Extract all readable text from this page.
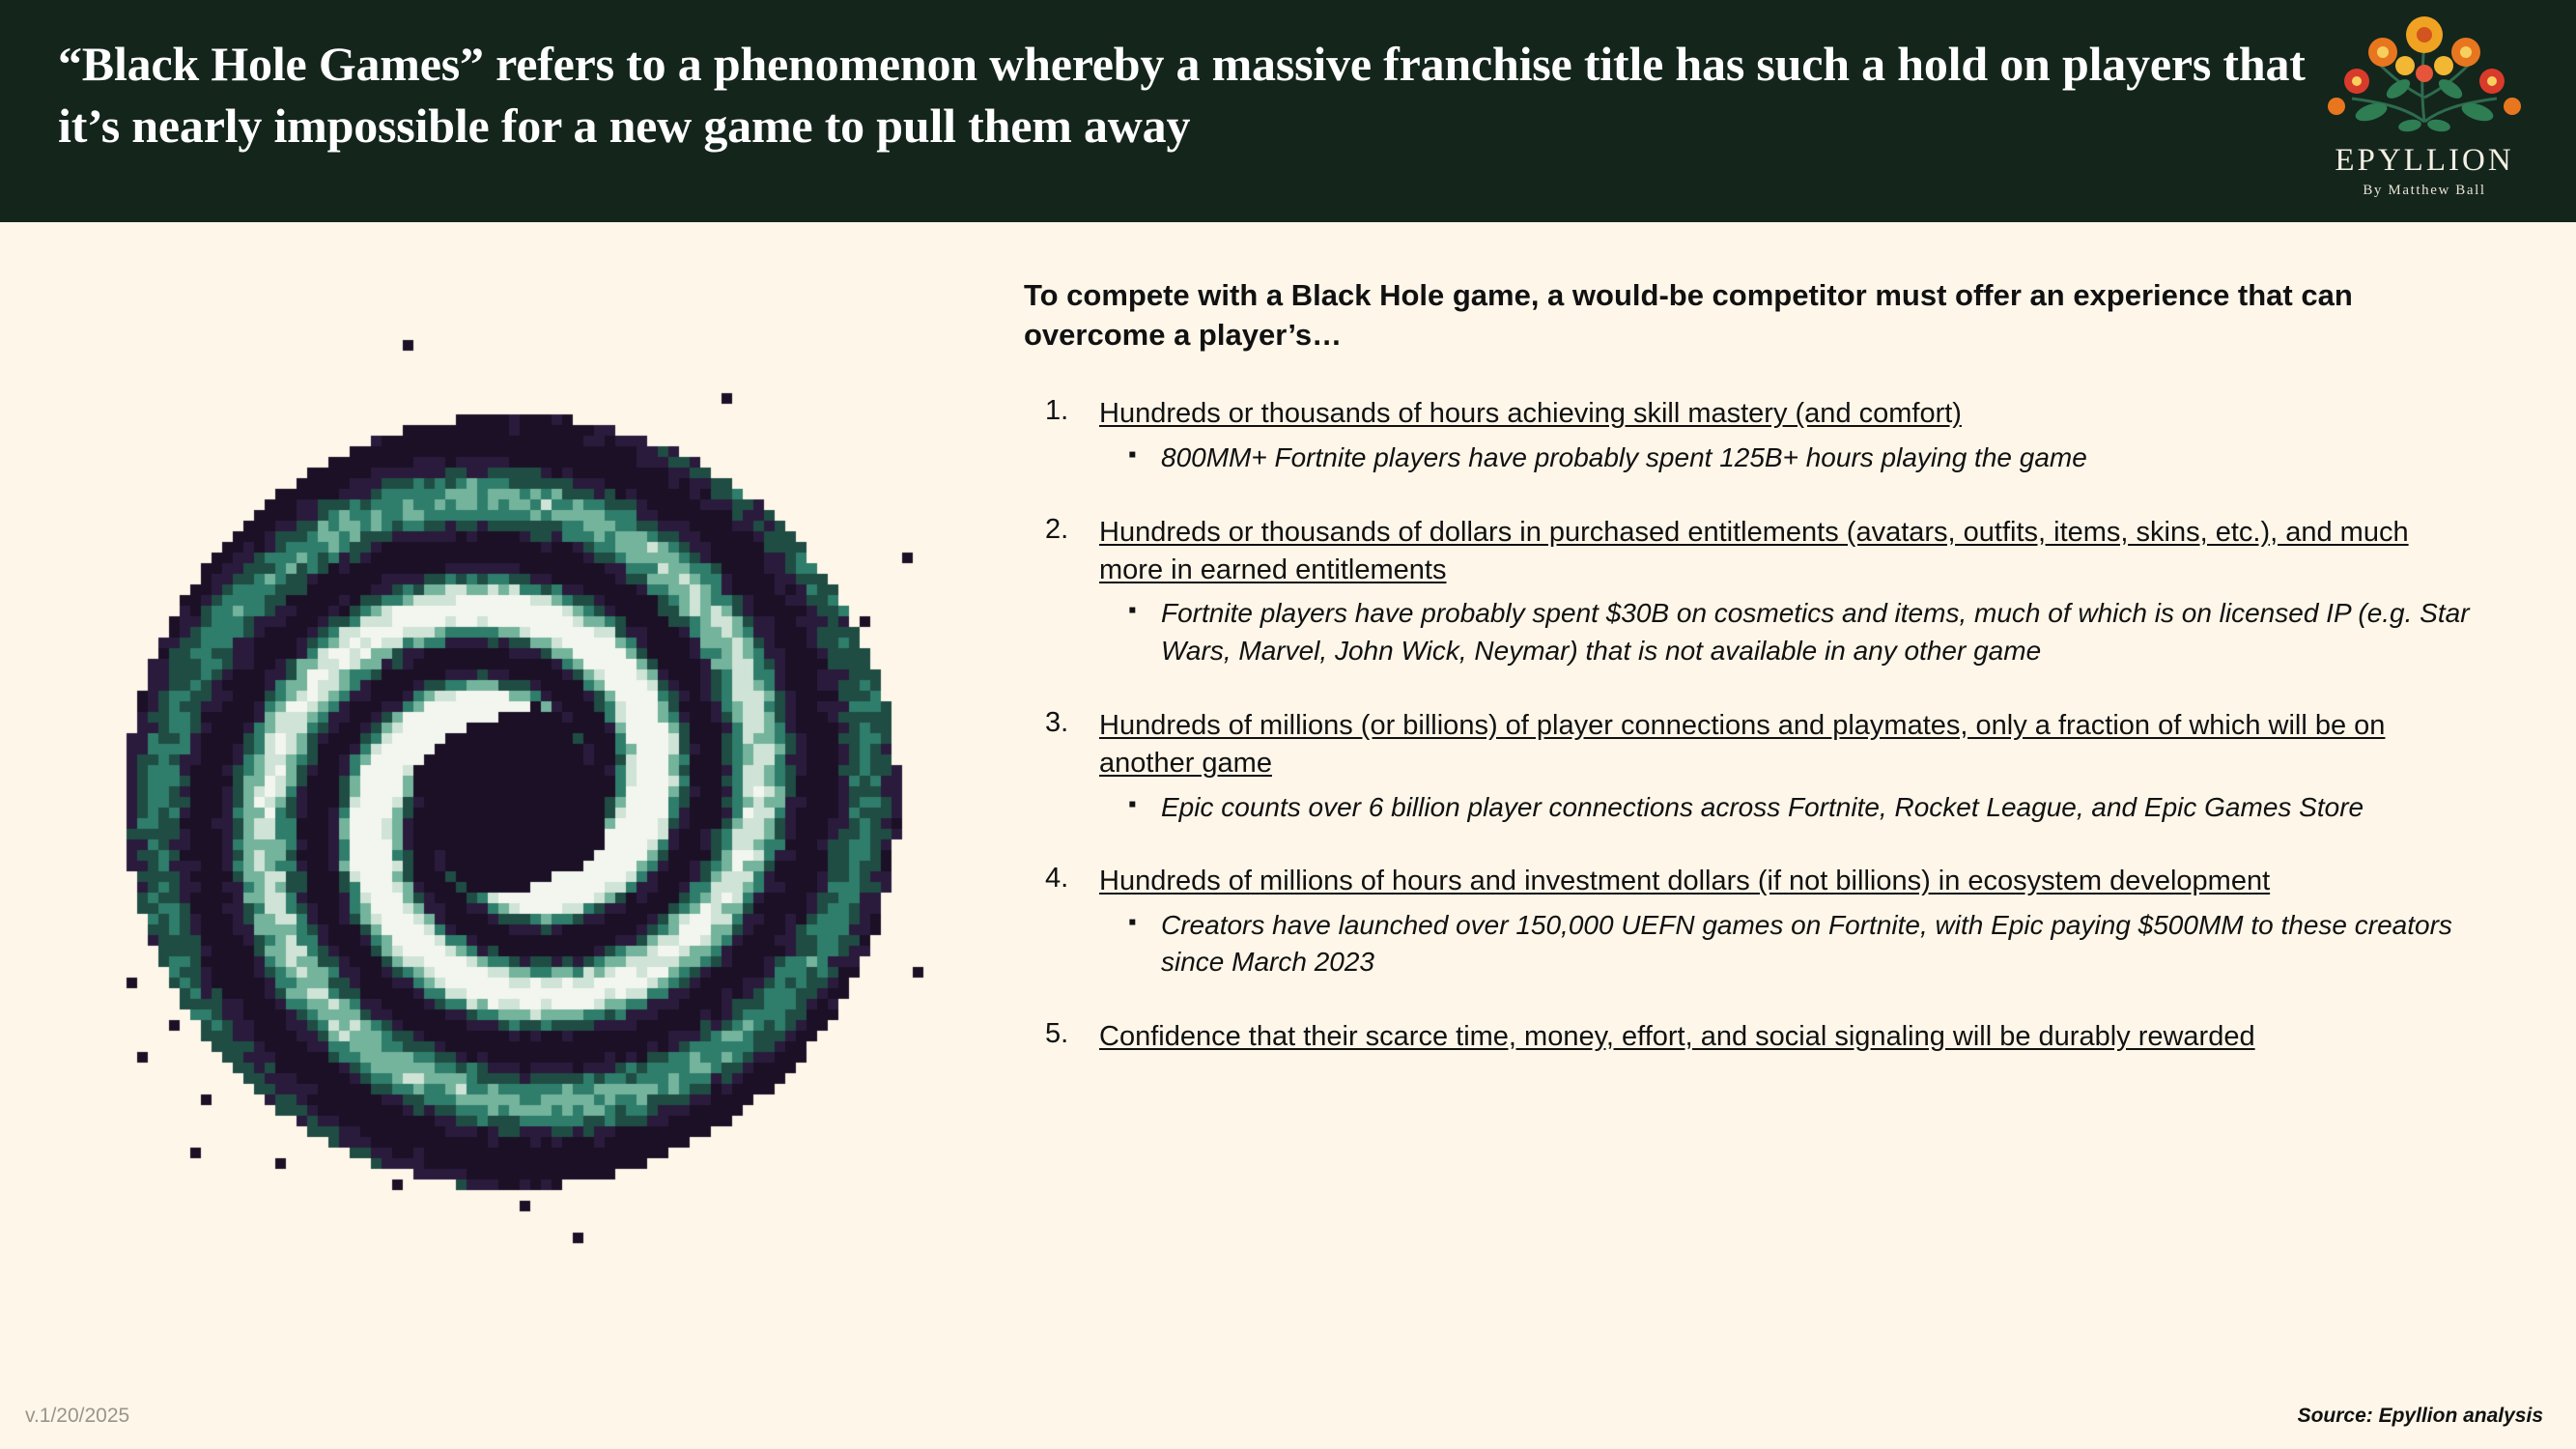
“Black Hole Games” refers to a phenomenon whereby a massive franchise title has such a hold on players that it’s nearly impossible for a new game to pull them away
EPYLLION
By Matthew Ball
To compete with a Black Hole game, a would-be competitor must offer an experience that can overcome a player’s…
Hundreds or thousands of hours achieving skill mastery (and comfort)
▪ 800MM+ Fortnite players have probably spent 125B+ hours playing the game
Hundreds or thousands of dollars in purchased entitlements (avatars, outfits, items, skins, etc.), and much more in earned entitlements
▪ Fortnite players have probably spent $30B on cosmetics and items, much of which is on licensed IP (e.g. Star Wars, Marvel, John Wick, Neymar) that is not available in any other game
Hundreds of millions (or billions) of player connections and playmates, only a fraction of which will be on another game
▪ Epic counts over 6 billion player connections across Fortnite, Rocket League, and Epic Games Store
Hundreds of millions of hours and investment dollars (if not billions) in ecosystem development
▪ Creators have launched over 150,000 UEFN games on Fortnite, with Epic paying $500MM to these creators since March 2023
Confidence that their scarce time, money, effort, and social signaling will be durably rewarded
v.1/20/2025	Source: Epyllion analysis
